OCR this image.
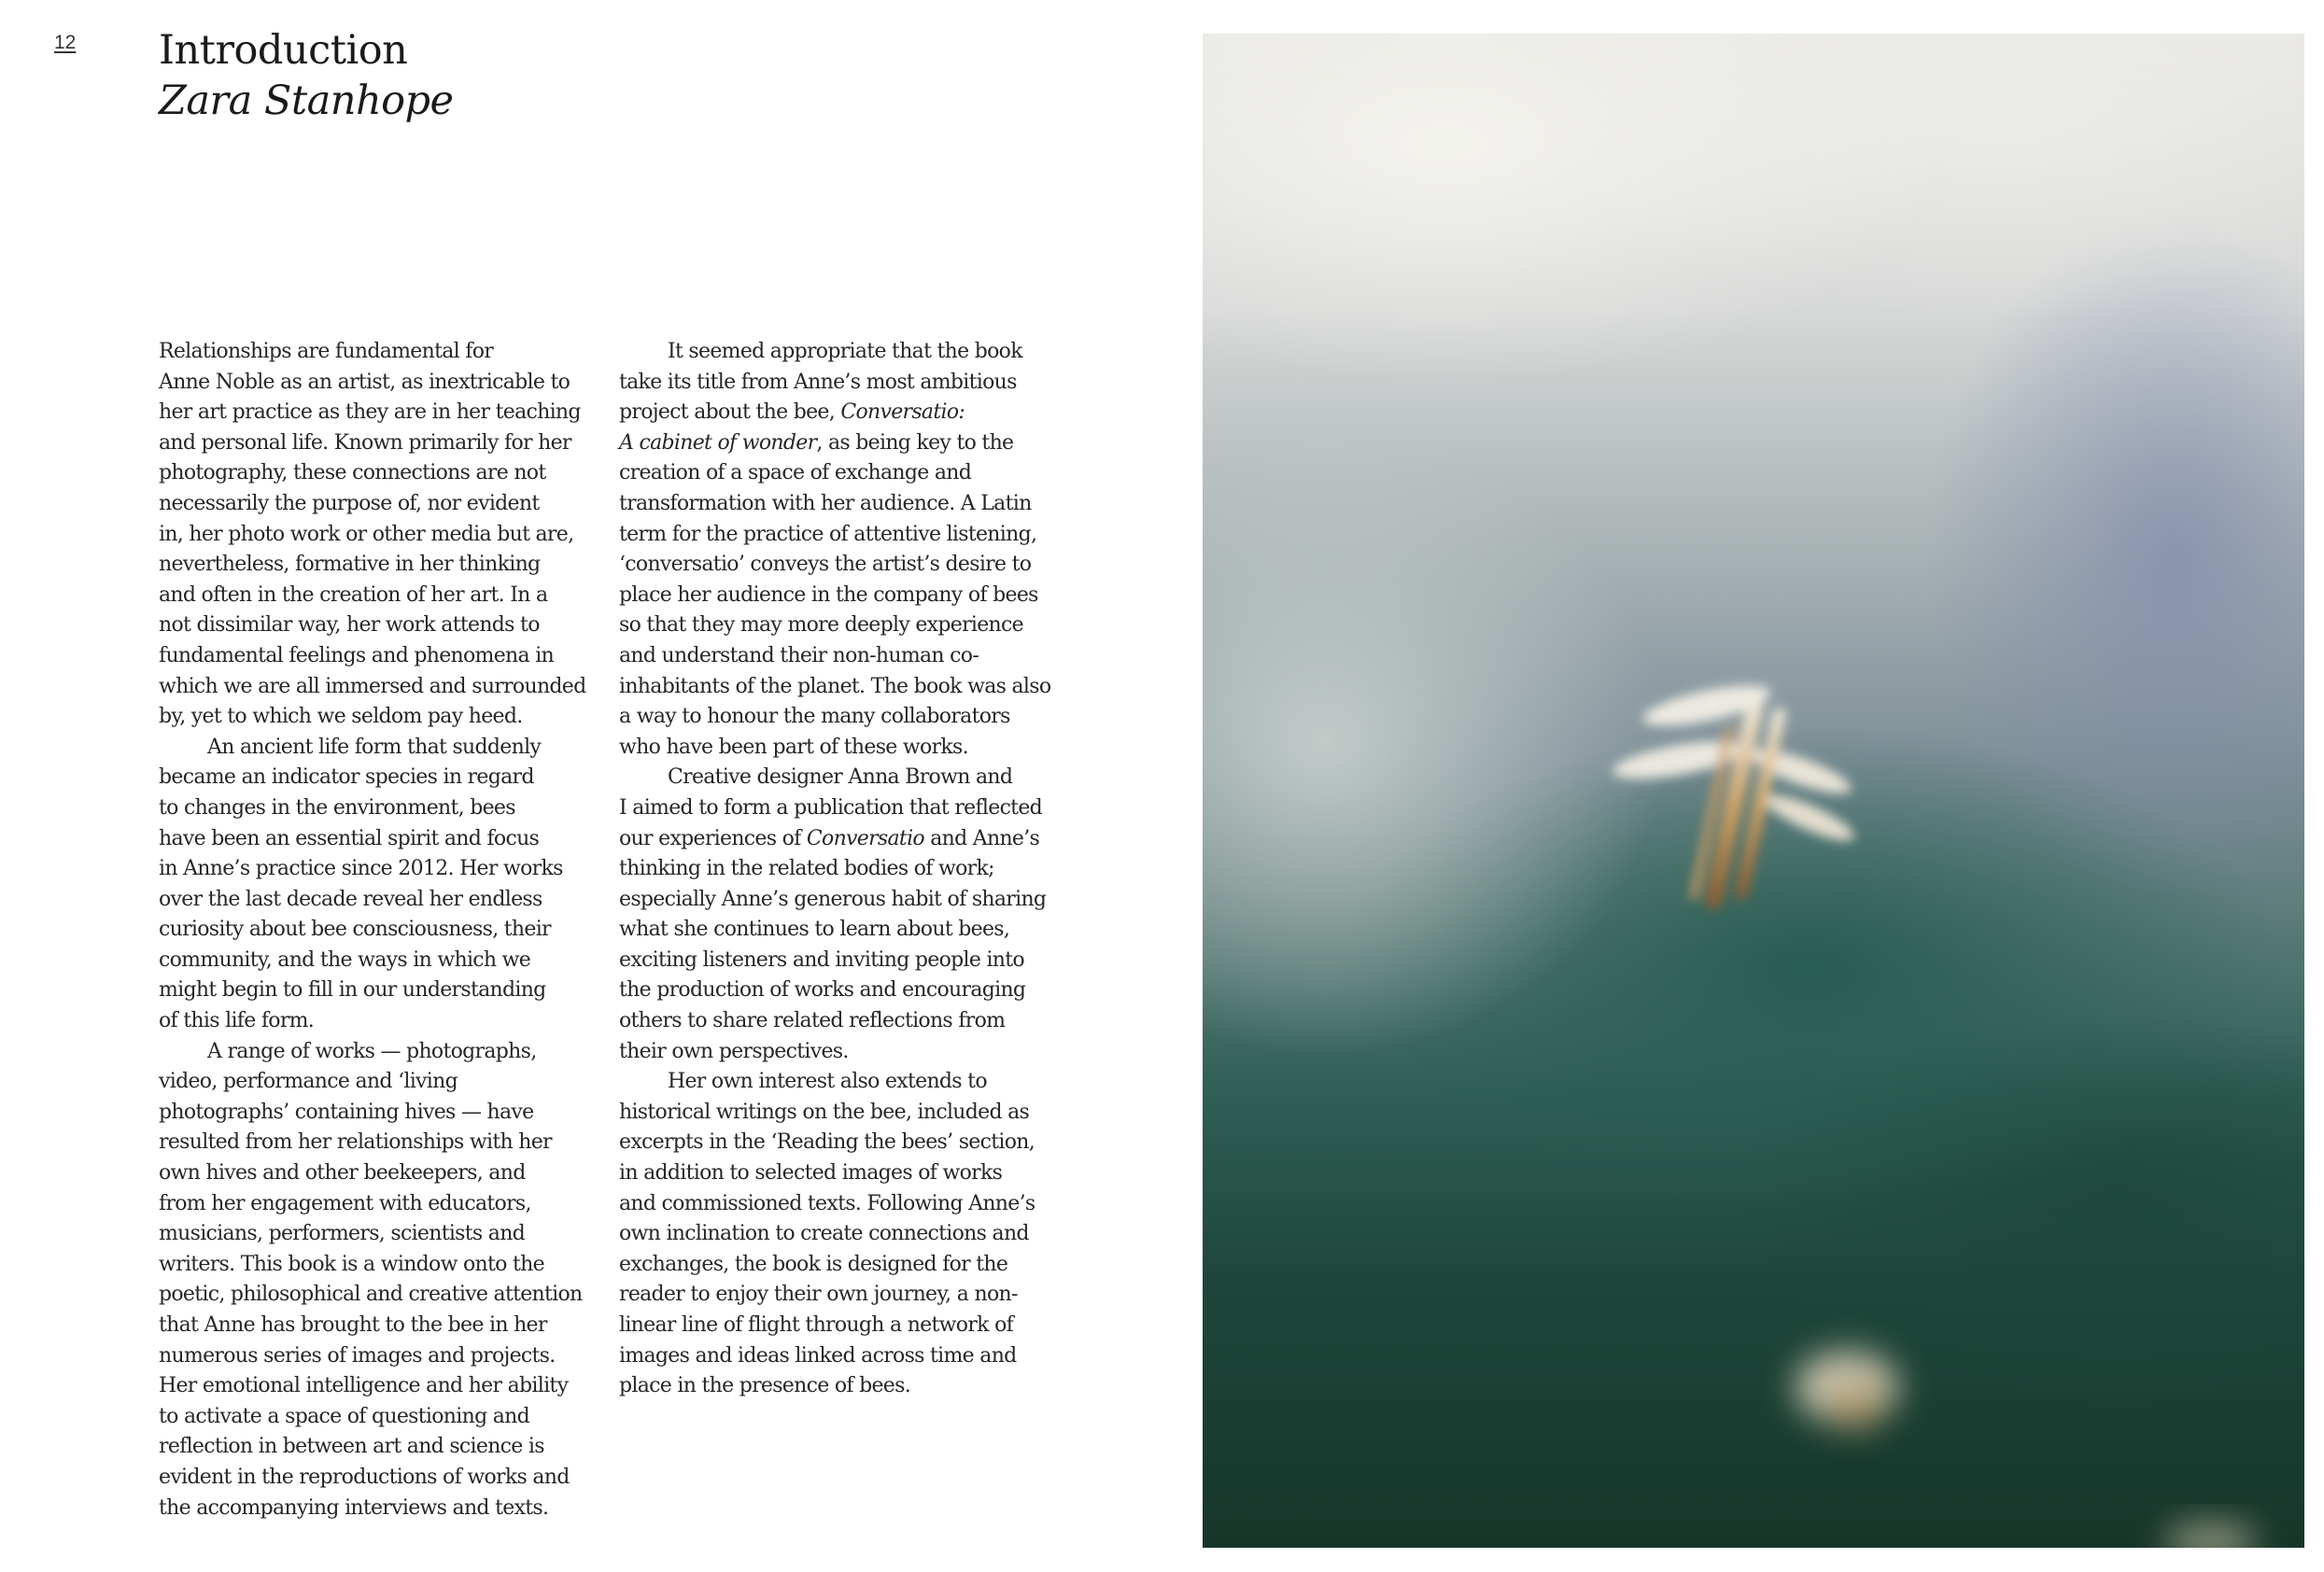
12 Introduction
Zara Stanhope
Relationships are fundamental for
Anne Noble as an artist, as inextricable to
her art practice as they are in her teaching
and personal life. Known primarily for her
photography, these connections are not
necessarily the purpose of, nor evident
in, her photo work or other media but are,
nevertheless, formative in her thinking
and often in the creation of her art. In a
not dissimilar way, her work attends to
fundamental feelings and phenomena in
which we are all immersed and surrounded
by, yet to which we seldom pay heed.
An ancient life form that suddenly
became an indicator species in regard
to changes in the environment, bees
have been an essential spirit and focus
in Anne’s practice since 2012. Her works
over the last decade reveal her endless
curiosity about bee consciousness, their
community, and the ways in which we
might begin to fill in our understanding
of this life form.
A range of works — photographs,
video, performance and ‘living
photographs’ containing hives — have
resulted from her relationships with her
own hives and other beekeepers, and
from her engagement with educators,
musicians, performers, scientists and
writers. This book is a window onto the
poetic, philosophical and creative attention
that Anne has brought to the bee in her
numerous series of images and projects.
Her emotional intelligence and her ability
to activate a space of questioning and
reflection in between art and science is
evident in the reproductions of works and
the accompanying interviews and texts.
It seemed appropriate that the book
take its title from Anne’s most ambitious
project about the bee, Conversatio:
A cabinet of wonder, as being key to the
creation of a space of exchange and
transformation with her audience. A Latin
term for the practice of attentive listening,
‘conversatio’ conveys the artist’s desire to
place her audience in the company of bees
so that they may more deeply experience
and understand their non-human co-
inhabitants of the planet. The book was also
a way to honour the many collaborators
who have been part of these works.
Creative designer Anna Brown and
I aimed to form a publication that reflected
our experiences of Conversatio and Anne’s
thinking in the related bodies of work;
especially Anne’s generous habit of sharing
what she continues to learn about bees,
exciting listeners and inviting people into
the production of works and encouraging
others to share related reflections from
their own perspectives.
Her own interest also extends to
historical writings on the bee, included as
excerpts in the ‘Reading the bees’ section,
in addition to selected images of works
and commissioned texts. Following Anne’s
own inclination to create connections and
exchanges, the book is designed for the
reader to enjoy their own journey, a non-
linear line of flight through a network of
images and ideas linked across time and
place in the presence of bees.
